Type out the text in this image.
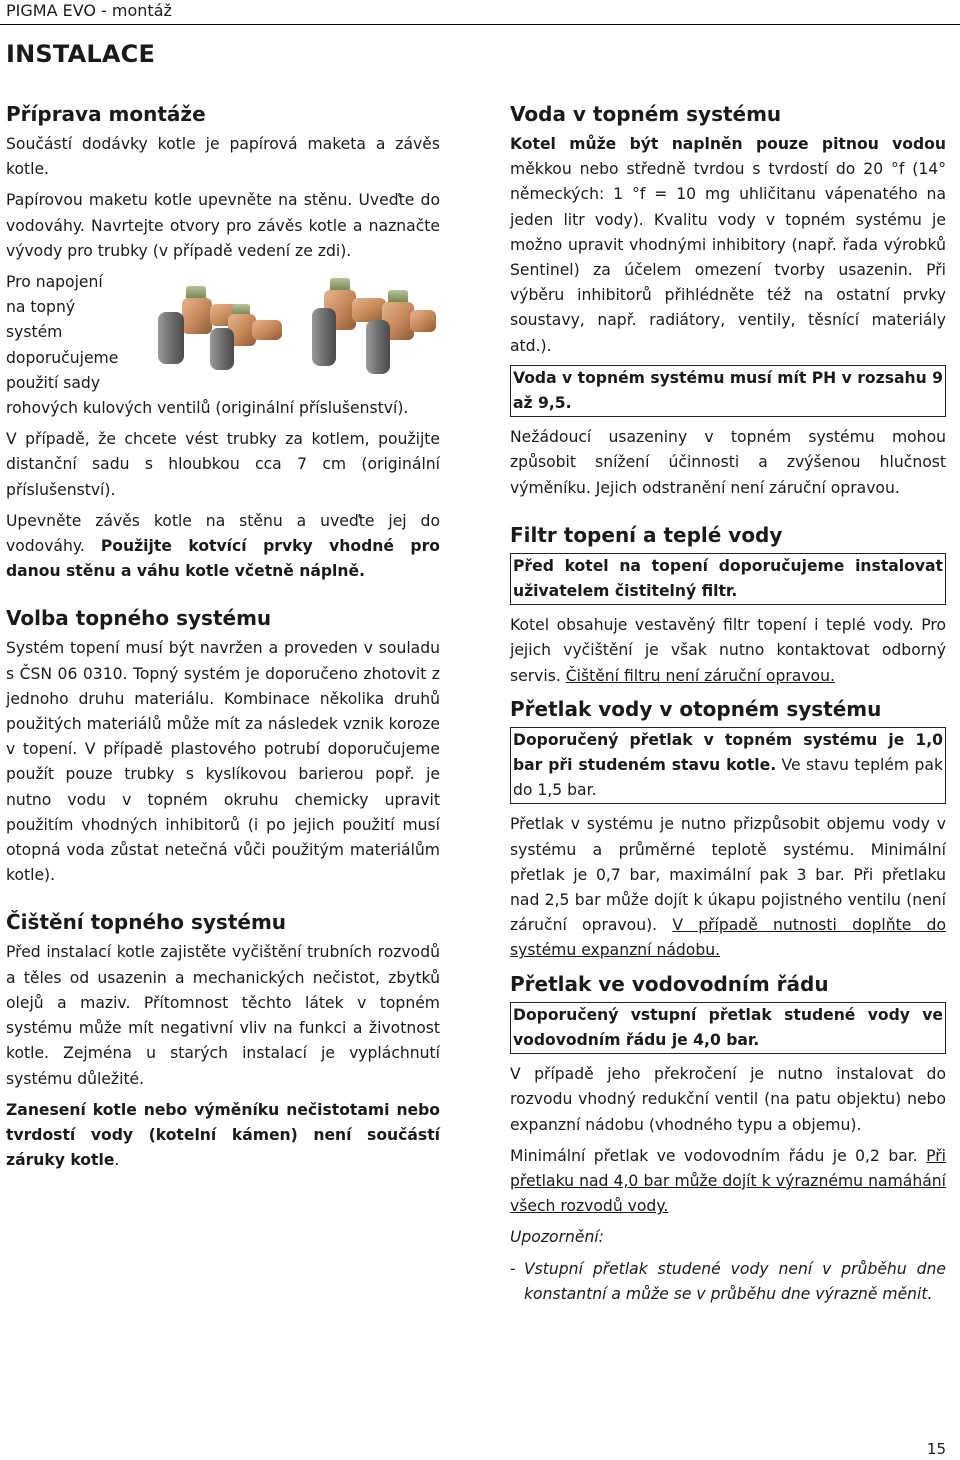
PIGMA EVO - montáž
INSTALACE
Příprava montáže

Součástí dodávky kotle je papírová maketa a závěs kotle.

Papírovou maketu kotle upevněte na stěnu. Uveďte do vodováhy. Navrtejte otvory pro závěs kotle a naznačte vývody pro trubky (v případě vedení ze zdi).

Pro napojení
na topný
systém
doporučujeme
použití sady

rohových kulových ventilů (originální příslušenství).

V případě, že chcete vést trubky za kotlem, použijte distanční sadu s hloubkou cca 7 cm (originální příslušenství).

Upevněte závěs kotle na stěnu a uveďte jej do vodováhy. Použijte kotvící prvky vhodné pro danou stěnu a váhu kotle včetně náplně.

Volba topného systému

Systém topení musí být navržen a proveden v souladu s ČSN 06 0310. Topný systém je doporučeno zhotovit z jednoho druhu materiálu. Kombinace několika druhů použitých materiálů může mít za následek vznik koroze v topení. V případě plastového potrubí doporučujeme použít pouze trubky s kyslíkovou barierou popř. je nutno vodu v topném okruhu chemicky upravit použitím vhodných inhibitorů (i po jejich použití musí otopná voda zůstat netečná vůči použitým materiálům kotle).

Čištění topného systému

Před instalací kotle zajistěte vyčištění trubních rozvodů a těles od usazenin a mechanických nečistot, zbytků olejů a maziv. Přítomnost těchto látek v topném systému může mít negativní vliv na funkci a životnost kotle. Zejména u starých instalací je vypláchnutí systému důležité.

Zanesení kotle nebo výměníku nečistotami nebo tvrdostí vody (kotelní kámen) není součástí záruky kotle.

Voda v topném systému

Kotel může být naplněn pouze pitnou vodou měkkou nebo středně tvrdou s tvrdostí do 20 °f (14° německých: 1 °f = 10 mg uhličitanu vápenatého na jeden litr vody). Kvalitu vody v topném systému je možno upravit vhodnými inhibitory (např. řada výrobků Sentinel) za účelem omezení tvorby usazenin. Při výběru inhibitorů přihlédněte též na ostatní prvky soustavy, např. radiátory, ventily, těsnící materiály atd.).

Voda v topném systému musí mít PH v rozsahu 9 až 9,5.

Nežádoucí usazeniny v topném systému mohou způsobit snížení účinnosti a zvýšenou hlučnost výměníku. Jejich odstranění není záruční opravou.

Filtr topení a teplé vody

Před kotel na topení doporučujeme instalovat uživatelem čistitelný filtr.

Kotel obsahuje vestavěný filtr topení i teplé vody. Pro jejich vyčištění je však nutno kontaktovat odborný servis. Čištění filtru není záruční opravou.

Přetlak vody v otopném systému

Doporučený přetlak v topném systému je 1,0 bar při studeném stavu kotle. Ve stavu teplém pak do 1,5 bar.

Přetlak v systému je nutno přizpůsobit objemu vody v systému a průměrné teplotě systému. Minimální přetlak je 0,7 bar, maximální pak 3 bar. Při přetlaku nad 2,5 bar může dojít k úkapu pojistného ventilu (není záruční opravou). V případě nutnosti doplňte do systému expanzní nádobu.

Přetlak ve vodovodním řádu

Doporučený vstupní přetlak studené vody ve vodovodním řádu je 4,0 bar.

V případě jeho překročení je nutno instalovat do rozvodu vhodný redukční ventil (na patu objektu) nebo expanzní nádobu (vhodného typu a objemu).

Minimální přetlak ve vodovodním řádu je 0,2 bar. Při přetlaku nad 4,0 bar může dojít k výraznému namáhání všech rozvodů vody.

Upozornění:

- Vstupní přetlak studené vody není v průběhu dne konstantní a může se v průběhu dne výrazně měnit.

15
